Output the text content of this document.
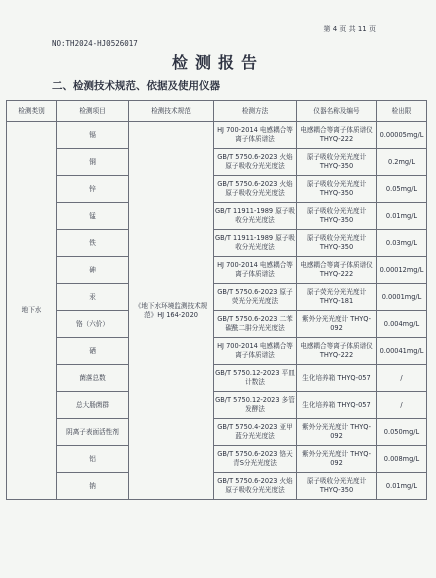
第 4 页 共 11 页
NO:TH2024-HJ0526017
检测报告
二、检测技术规范、依据及使用仪器
检测类别	检测项目	检测技术规范	检测方法	仪器名称及编号	检出限
地下水	镉	《地下水环境监测技术规范》HJ 164-2020	HJ 700-2014 电感耦合等离子体质谱法	电感耦合等离子体质谱仪 THYQ-222	0.00005mg/L
	铜		GB/T 5750.6-2023 火焰原子吸收分光光度法	原子吸收分光光度计 THYQ-350	0.2mg/L
	锌		GB/T 5750.6-2023 火焰原子吸收分光光度法	原子吸收分光光度计 THYQ-350	0.05mg/L
	锰		GB/T 11911-1989 原子吸收分光光度法	原子吸收分光光度计 THYQ-350	0.01mg/L
	铁		GB/T 11911-1989 原子吸收分光光度法	原子吸收分光光度计 THYQ-350	0.03mg/L
	砷		HJ 700-2014 电感耦合等离子体质谱法	电感耦合等离子体质谱仪 THYQ-222	0.00012mg/L
	汞		GB/T 5750.6-2023 原子荧光分光光度法	原子荧光分光光度计 THYQ-181	0.0001mg/L
	铬（六价）		GB/T 5750.6-2023 二苯碳酰二肼分光光度法	紫外分光光度计 THYQ-092	0.004mg/L
	硒		HJ 700-2014 电感耦合等离子体质谱法	电感耦合等离子体质谱仪 THYQ-222	0.00041mg/L
	菌落总数		GB/T 5750.12-2023 平皿计数法	生化培养箱 THYQ-057	/
	总大肠菌群		GB/T 5750.12-2023 多管发酵法	生化培养箱 THYQ-057	/
	阴离子表面活性剂		GB/T 5750.4-2023 亚甲蓝分光光度法	紫外分光光度计 THYQ-092	0.050mg/L
	铝		GB/T 5750.6-2023 铬天青S分光光度法	紫外分光光度计 THYQ-092	0.008mg/L
	钠		GB/T 5750.6-2023 火焰原子吸收分光光度法	原子吸收分光光度计 THYQ-350	0.01mg/L
